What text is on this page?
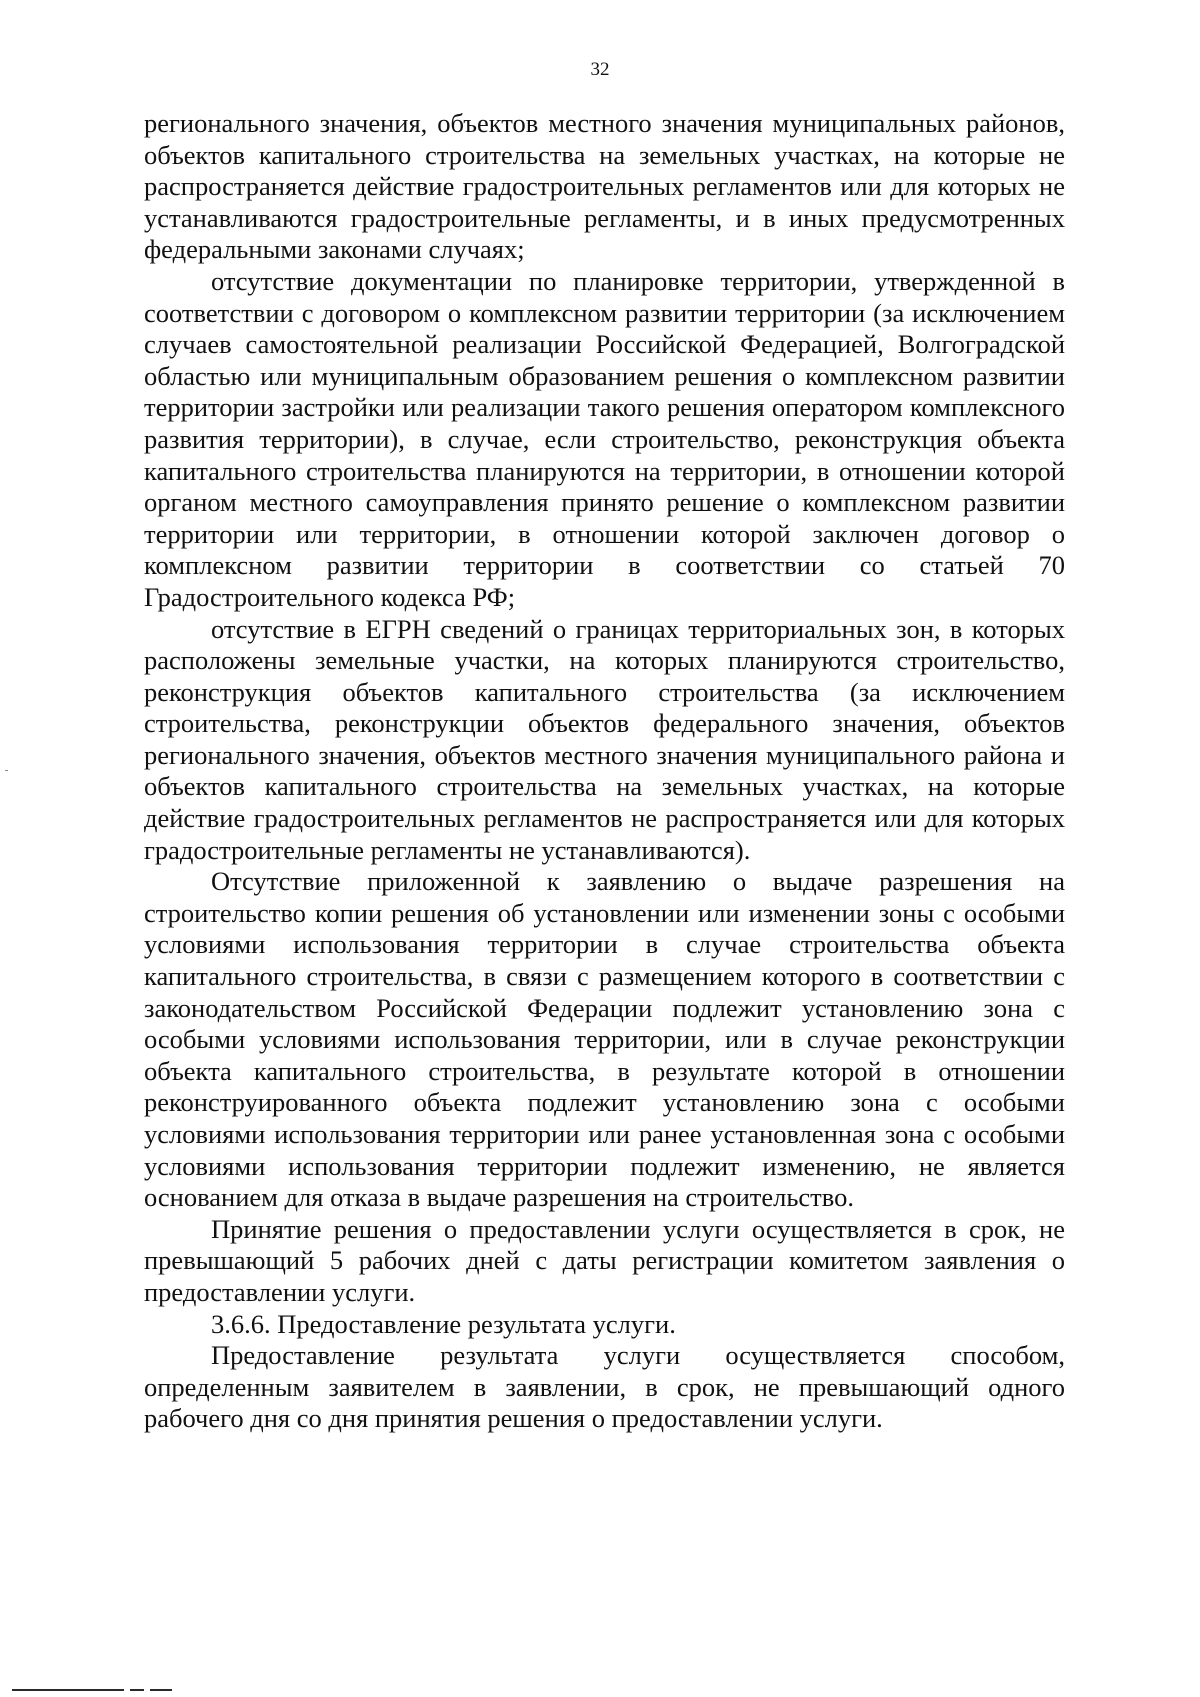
32

регионального значения, объектов местного значения муниципальных районов, объектов капитального строительства на земельных участках, на которые не распространяется действие градостроительных регламентов или для которых не устанавливаются градостроительные регламенты, и в иных предусмотренных федеральными законами случаях;

отсутствие документации по планировке территории, утвержденной в соответствии с договором о комплексном развитии территории (за исключением случаев самостоятельной реализации Российской Федерацией, Волгоградской областью или муниципальным образованием решения о комплексном развитии территории застройки или реализации такого решения оператором комплексного развития территории), в случае, если строительство, реконструкция объекта капитального строительства планируются на территории, в отношении которой органом местного самоуправления принято решение о комплексном развитии территории или территории, в отношении которой заключен договор о комплексном развитии территории в соответствии со статьей 70 Градостроительного кодекса РФ;

отсутствие в ЕГРН сведений о границах территориальных зон, в которых расположены земельные участки, на которых планируются строительство, реконструкция объектов капитального строительства (за исключением строительства, реконструкции объектов федерального значения, объектов регионального значения, объектов местного значения муниципального района и объектов капитального строительства на земельных участках, на которые действие градостроительных регламентов не распространяется или для которых градостроительные регламенты не устанавливаются).

Отсутствие приложенной к заявлению о выдаче разрешения на строительство копии решения об установлении или изменении зоны с особыми условиями использования территории в случае строительства объекта капитального строительства, в связи с размещением которого в соответствии с законодательством Российской Федерации подлежит установлению зона с особыми условиями использования территории, или в случае реконструкции объекта капитального строительства, в результате которой в отношении реконструированного объекта подлежит установлению зона с особыми условиями использования территории или ранее установленная зона с особыми условиями использования территории подлежит изменению, не является основанием для отказа в выдаче разрешения на строительство.

Принятие решения о предоставлении услуги осуществляется в срок, не превышающий 5 рабочих дней с даты регистрации комитетом заявления о предоставлении услуги.

3.6.6. Предоставление результата услуги.

Предоставление результата услуги осуществляется способом, определенным заявителем в заявлении, в срок, не превышающий одного рабочего дня со дня принятия решения о предоставлении услуги.
